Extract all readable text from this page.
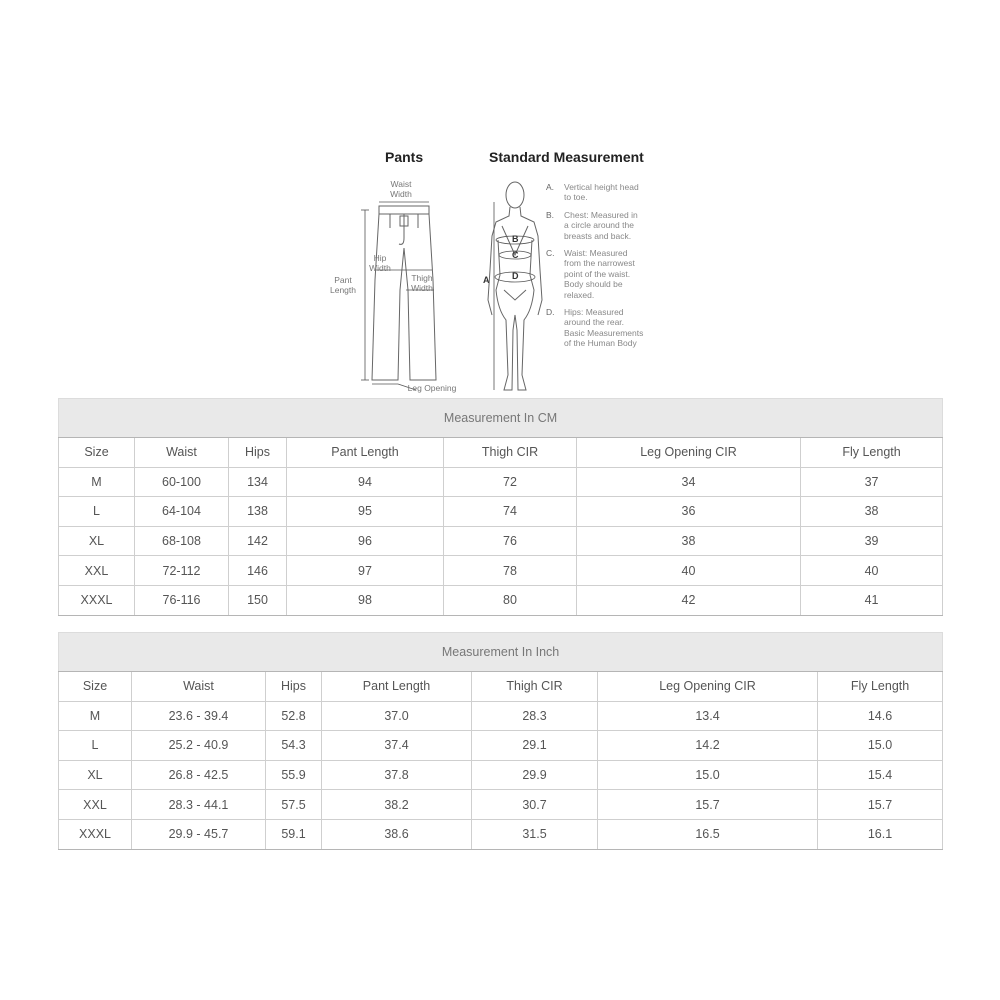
Pants	Standard Measurement
Waist
Width
Hip
Width
Thigh
Width
Pant
Length
Leg Opening
A
B
C
D
A.	Vertical height head
to toe.
B.	Chest: Measured in
a circle around the
breasts and back.
C.	Waist: Measured
from the narrowest
point of the waist.
Body should be
relaxed.
D.	Hips: Measured
around the rear.
Basic Measurements
of the Human Body
Measurement In CM						
Size	Waist	Hips	Pant Length	Thigh CIR	Leg Opening CIR	Fly Length
M	60-100	134	94	72	34	37
L	64-104	138	95	74	36	38
XL	68-108	142	96	76	38	39
XXL	72-112	146	97	78	40	40
XXXL	76-116	150	98	80	42	41
Measurement In Inch						
Size	Waist	Hips	Pant Length	Thigh CIR	Leg Opening CIR	Fly Length
M	23.6 - 39.4	52.8	37.0	28.3	13.4	14.6
L	25.2 - 40.9	54.3	37.4	29.1	14.2	15.0
XL	26.8 - 42.5	55.9	37.8	29.9	15.0	15.4
XXL	28.3 - 44.1	57.5	38.2	30.7	15.7	15.7
XXXL	29.9 - 45.7	59.1	38.6	31.5	16.5	16.1
